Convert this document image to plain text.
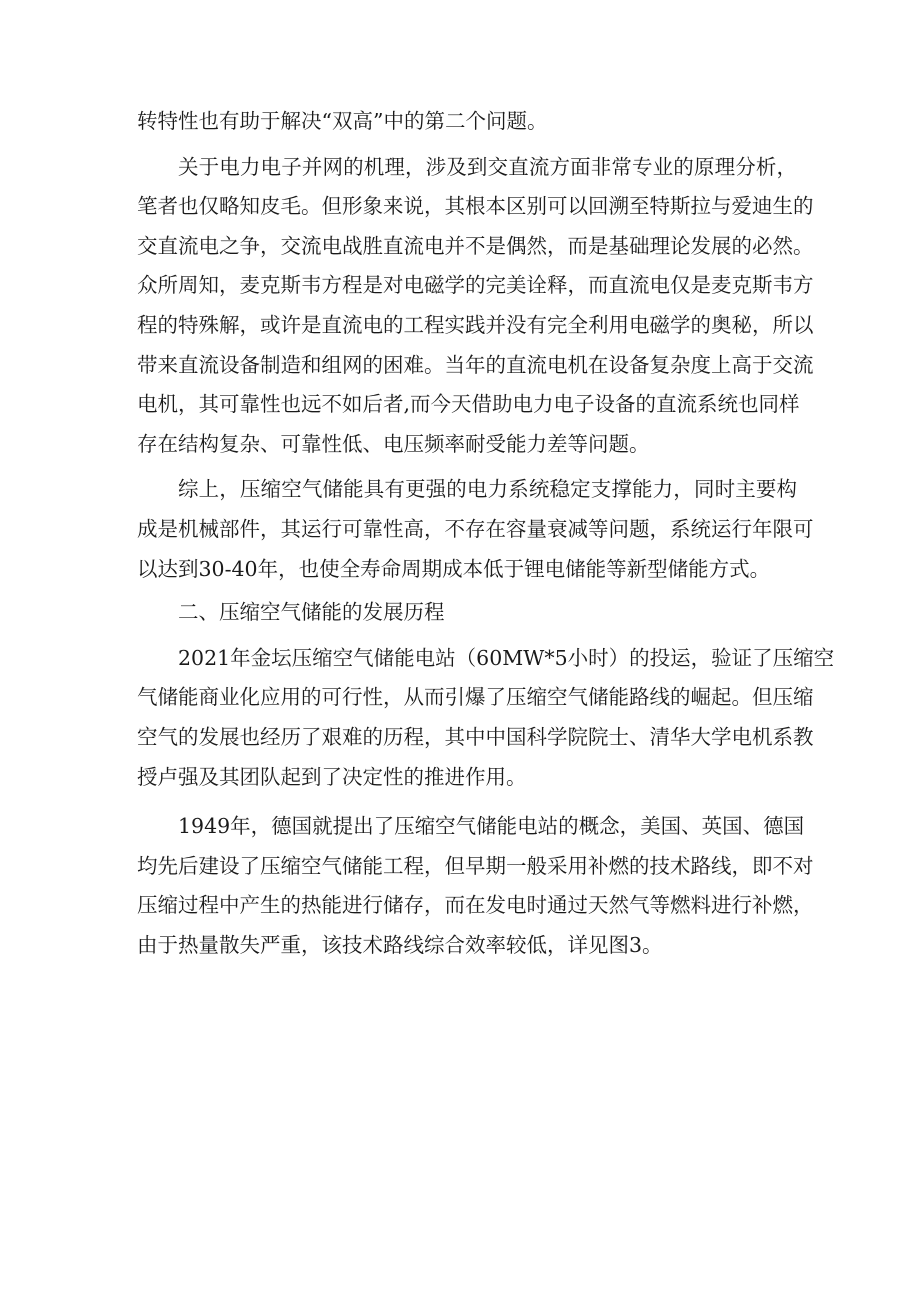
转特性也有助于解决“双高”中的第二个问题。
关于电力电子并网的机理，涉及到交直流方面非常专业的原理分析，
笔者也仅略知皮毛。但形象来说，其根本区别可以回溯至特斯拉与爱迪生的
交直流电之争，交流电战胜直流电并不是偶然，而是基础理论发展的必然。
众所周知，麦克斯韦方程是对电磁学的完美诠释，而直流电仅是麦克斯韦方
程的特殊解，或许是直流电的工程实践并没有完全利用电磁学的奥秘，所以
带来直流设备制造和组网的困难。当年的直流电机在设备复杂度上高于交流
电机，其可靠性也远不如后者,而今天借助电力电子设备的直流系统也同样
存在结构复杂、可靠性低、电压频率耐受能力差等问题。
综上，压缩空气储能具有更强的电力系统稳定支撑能力，同时主要构
成是机械部件，其运行可靠性高，不存在容量衰减等问题，系统运行年限可
以达到30-40年，也使全寿命周期成本低于锂电储能等新型储能方式。
二、压缩空气储能的发展历程
2021年金坛压缩空气储能电站（60MW*5小时）的投运，验证了压缩空
气储能商业化应用的可行性，从而引爆了压缩空气储能路线的崛起。但压缩
空气的发展也经历了艰难的历程，其中中国科学院院士、清华大学电机系教
授卢强及其团队起到了决定性的推进作用。
1949年，德国就提出了压缩空气储能电站的概念，美国、英国、德国
均先后建设了压缩空气储能工程，但早期一般采用补燃的技术路线，即不对
压缩过程中产生的热能进行储存，而在发电时通过天然气等燃料进行补燃，
由于热量散失严重，该技术路线综合效率较低，详见图3。
